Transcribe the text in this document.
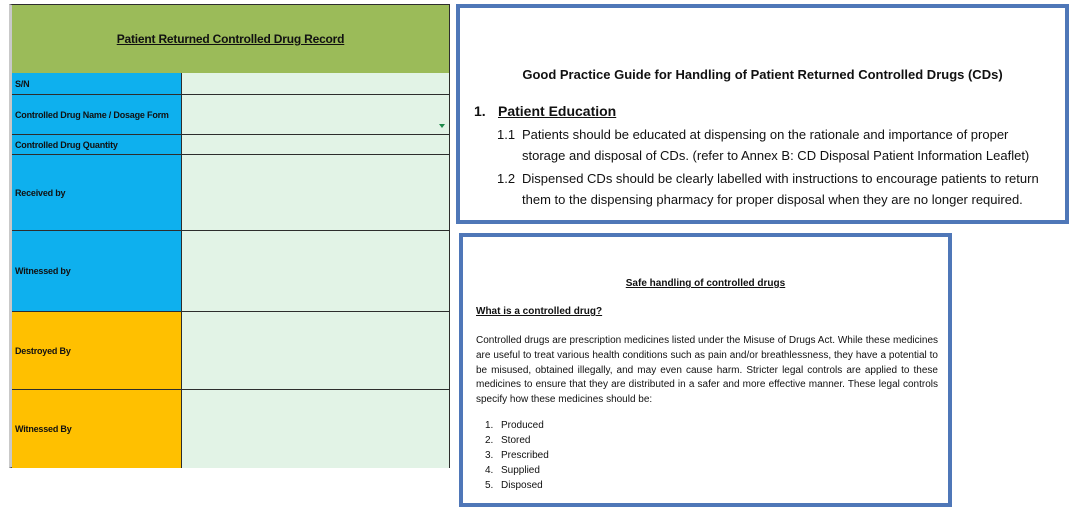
Patient Returned Controlled Drug Record
S/N
Controlled Drug Name / Dosage Form
Controlled Drug Quantity
Received by
Witnessed by
Destroyed By
Witnessed By
Good Practice Guide for Handling of Patient Returned Controlled Drugs (CDs)
1. Patient Education
1.1 Patients should be educated at dispensing on the rationale and importance of proper
storage and disposal of CDs. (refer to Annex B: CD Disposal Patient Information Leaflet)
1.2 Dispensed CDs should be clearly labelled with instructions to encourage patients to return
them to the dispensing pharmacy for proper disposal when they are no longer required.
Safe handling of controlled drugs
What is a controlled drug?
Controlled drugs are prescription medicines listed under the Misuse of Drugs Act. While these medicines are useful to treat various health conditions such as pain and/or breathlessness, they have a potential to be misused, obtained illegally, and may even cause harm. Stricter legal controls are applied to these medicines to ensure that they are distributed in a safer and more effective manner. These legal controls specify how these medicines should be:
1. Produced
2. Stored
3. Prescribed
4. Supplied
5. Disposed
